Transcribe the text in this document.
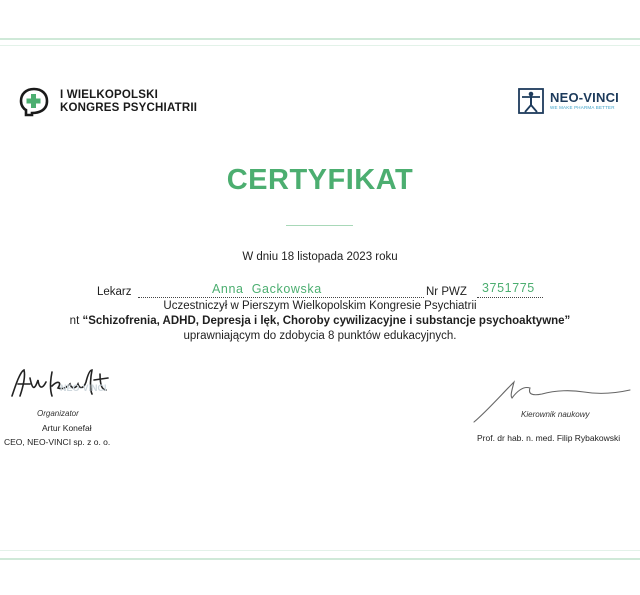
I WIELKOPOLSKI
KONGRES PSYCHIATRII
NEO-VINCI
WE MAKE PHARMA BETTER
CERTYFIKAT
W dniu 18 listopada 2023 roku
Lekarz	Anna  Gackowska	Nr PWZ 3751775
Uczestniczył w Pierszym Wielkopolskim Kongresie Psychiatrii
nt “Schizofrenia, ADHD, Depresja i lęk, Choroby cywilizacyjne i substancje psychoaktywne”
uprawniającym do zdobycia 8 punktów edukacyjnych.
NEO-VINCI
Organizator
Artur Konefał
CEO, NEO-VINCI sp. z o. o.
Kierownik naukowy
Prof. dr hab. n. med. Filip Rybakowski
